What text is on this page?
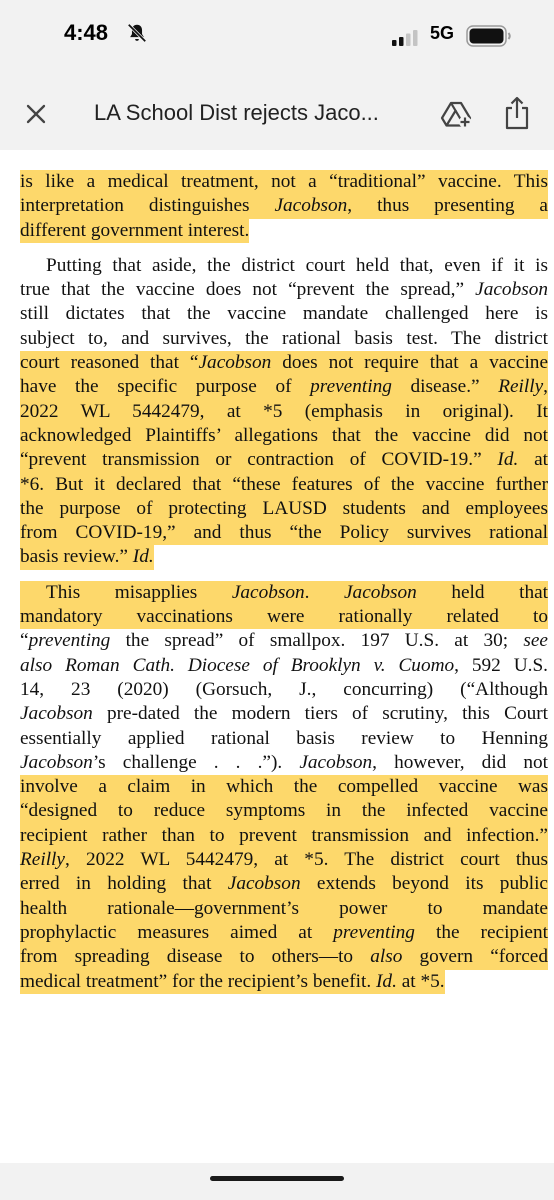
4:48	5G
LA School Dist rejects Jaco...
is like a medical treatment, not a “traditional” vaccine. This
interpretation distinguishes Jacobson, thus presenting a
different government interest.
Putting that aside, the district court held that, even if it is
true that the vaccine does not “prevent the spread,” Jacobson
still dictates that the vaccine mandate challenged here is
subject to, and survives, the rational basis test. The district
court reasoned that “Jacobson does not require that a vaccine
have the specific purpose of preventing disease.” Reilly,
2022 WL 5442479, at *5 (emphasis in original). It
acknowledged Plaintiffs’ allegations that the vaccine did not
“prevent transmission or contraction of COVID-19.” Id. at
*6. But it declared that “these features of the vaccine further
the purpose of protecting LAUSD students and employees
from COVID-19,” and thus “the Policy survives rational
basis review.” Id.
This misapplies Jacobson. Jacobson held that
mandatory vaccinations were rationally related to
“preventing the spread” of smallpox. 197 U.S. at 30; see
also Roman Cath. Diocese of Brooklyn v. Cuomo, 592 U.S.
14, 23 (2020) (Gorsuch, J., concurring) (“Although
Jacobson pre-dated the modern tiers of scrutiny, this Court
essentially applied rational basis review to Henning
Jacobson’s challenge . . .”). Jacobson, however, did not
involve a claim in which the compelled vaccine was
“designed to reduce symptoms in the infected vaccine
recipient rather than to prevent transmission and infection.”
Reilly, 2022 WL 5442479, at *5. The district court thus
erred in holding that Jacobson extends beyond its public
health rationale—government’s power to mandate
prophylactic measures aimed at preventing the recipient
from spreading disease to others—to also govern “forced
medical treatment” for the recipient’s benefit. Id. at *5.
